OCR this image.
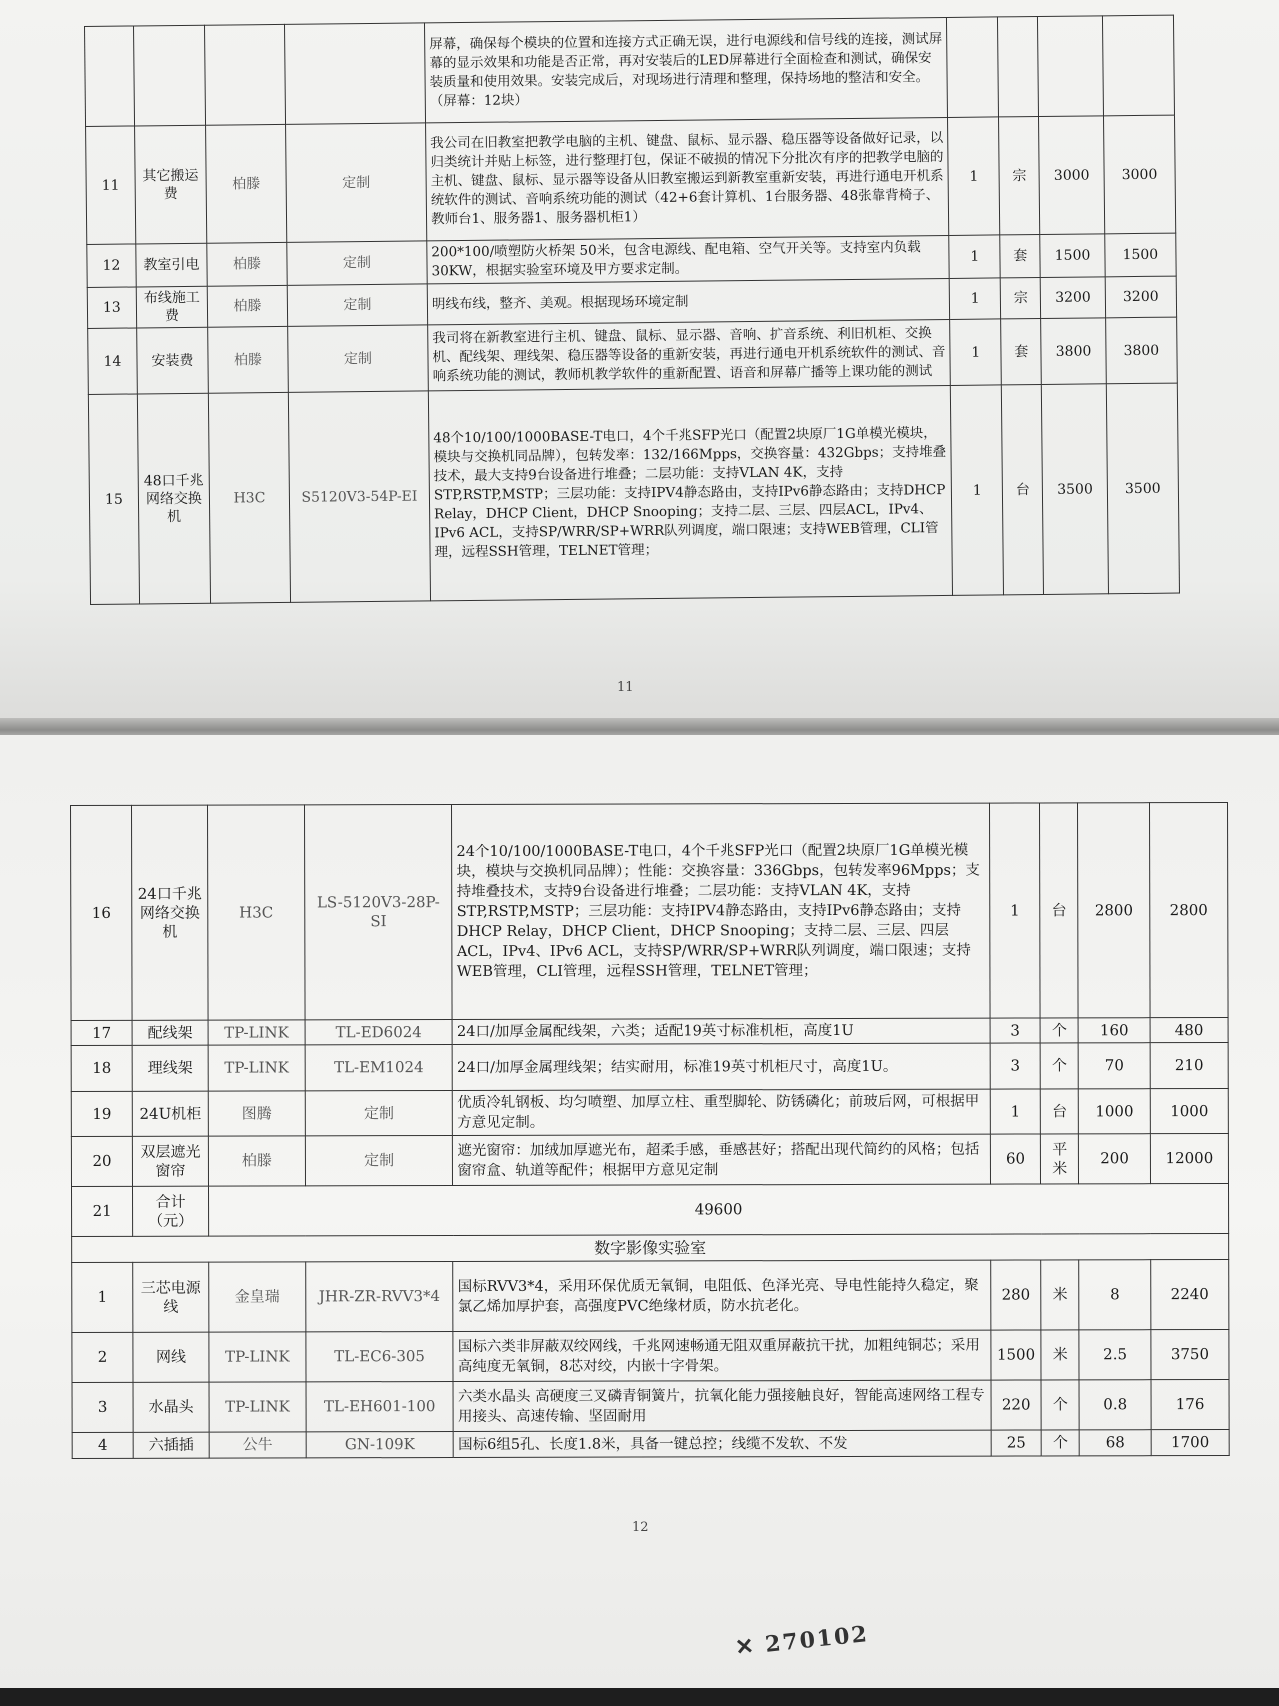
				屏幕，确保每个模块的位置和连接方式正确无误，进行电源线和信号线的连接，测试屏幕的显示效果和功能是否正常，再对安装后的LED屏幕进行全面检查和测试，确保安装质量和使用效果。安装完成后，对现场进行清理和整理，保持场地的整洁和安全。（屏幕：12块）				
11	其它搬运费	柏滕	定制	我公司在旧教室把教学电脑的主机、键盘、鼠标、显示器、稳压器等设备做好记录，以归类统计并贴上标签，进行整理打包，保证不破损的情况下分批次有序的把教学电脑的主机、键盘、鼠标、显示器等设备从旧教室搬运到新教室重新安装，再进行通电开机系统软件的测试、音响系统功能的测试（42+6套计算机、1台服务器、48张靠背椅子、教师台1、服务器1、服务器机柜1）	1	宗	3000	3000
12	教室引电	柏滕	定制	200*100/喷塑防火桥架 50米，包含电源线、配电箱、空气开关等。支持室内负载30KW，根据实验室环境及甲方要求定制。	1	套	1500	1500
13	布线施工费	柏滕	定制	明线布线，整齐、美观。根据现场环境定制	1	宗	3200	3200
14	安装费	柏滕	定制	我司将在新教室进行主机、键盘、鼠标、显示器、音响、扩音系统、利旧机柜、交换机、配线架、理线架、稳压器等设备的重新安装，再进行通电开机系统软件的测试、音响系统功能的测试，教师机教学软件的重新配置、语音和屏幕广播等上课功能的测试	1	套	3800	3800
15	48口千兆网络交换机	H3C	S5120V3-54P-EI	48个10/100/1000BASE-T电口，4个千兆SFP光口（配置2块原厂1G单模光模块，模块与交换机同品牌），包转发率：132/166Mpps，交换容量：432Gbps；支持堆叠技术，最大支持9台设备进行堆叠；二层功能：支持VLAN 4K，支持STP,RSTP,MSTP；三层功能：支持IPV4静态路由，支持IPv6静态路由；支持DHCP Relay，DHCP Client，DHCP Snooping；支持二层、三层、四层ACL，IPv4、IPv6 ACL，支持SP/WRR/SP+WRR队列调度，端口限速；支持WEB管理，CLI管理，远程SSH管理，TELNET管理；	1	台	3500	3500
11
12
16	24口千兆网络交换机	H3C	LS-5120V3-28P-SI	24个10/100/1000BASE-T电口，4个千兆SFP光口（配置2块原厂1G单模光模块，模块与交换机同品牌）；性能：交换容量：336Gbps，包转发率96Mpps；支持堆叠技术，支持9台设备进行堆叠；二层功能：支持VLAN 4K，支持STP,RSTP,MSTP；三层功能：支持IPV4静态路由，支持IPv6静态路由；支持DHCP Relay，DHCP Client，DHCP Snooping；支持二层、三层、四层ACL，IPv4、IPv6 ACL，支持SP/WRR/SP+WRR队列调度，端口限速；支持WEB管理，CLI管理，远程SSH管理，TELNET管理；	1	台	2800	2800
17	配线架	TP-LINK	TL-ED6024	24口/加厚金属配线架，六类；适配19英寸标准机柜，高度1U	3	个	160	480
18	理线架	TP-LINK	TL-EM1024	24口/加厚金属理线架；结实耐用，标准19英寸机柜尺寸，高度1U。	3	个	70	210
19	24U机柜	图腾	定制	优质冷轧钢板、均匀喷塑、加厚立柱、重型脚轮、防锈磷化；前玻后网，可根据甲方意见定制。	1	台	1000	1000
20	双层遮光窗帘	柏滕	定制	遮光窗帘：加绒加厚遮光布，超柔手感，垂感甚好；搭配出现代简约的风格；包括窗帘盒、轨道等配件；根据甲方意见定制	60	平米	200	12000
21	合计（元）	49600						
数字影像实验室								
1	三芯电源线	金皇瑞	JHR-ZR-RVV3*4	国标RVV3*4，采用环保优质无氧铜，电阻低、色泽光亮、导电性能持久稳定，聚氯乙烯加厚护套，高强度PVC绝缘材质，防水抗老化。	280	米	8	2240
2	网线	TP-LINK	TL-EC6-305	国标六类非屏蔽双绞网线，千兆网速畅通无阻双重屏蔽抗干扰，加粗纯铜芯；采用高纯度无氧铜，8芯对绞，内嵌十字骨架。	1500	米	2.5	3750
3	水晶头	TP-LINK	TL-EH601-100	六类水晶头 高硬度三叉磷青铜簧片，抗氧化能力强接触良好，智能高速网络工程专用接头、高速传输、坚固耐用	220	个	0.8	176
4	六插插	公牛	GN-109K	国标6组5孔、长度1.8米，具备一键总控；线缆不发软、不发	25	个	68	1700
✕ 270102
